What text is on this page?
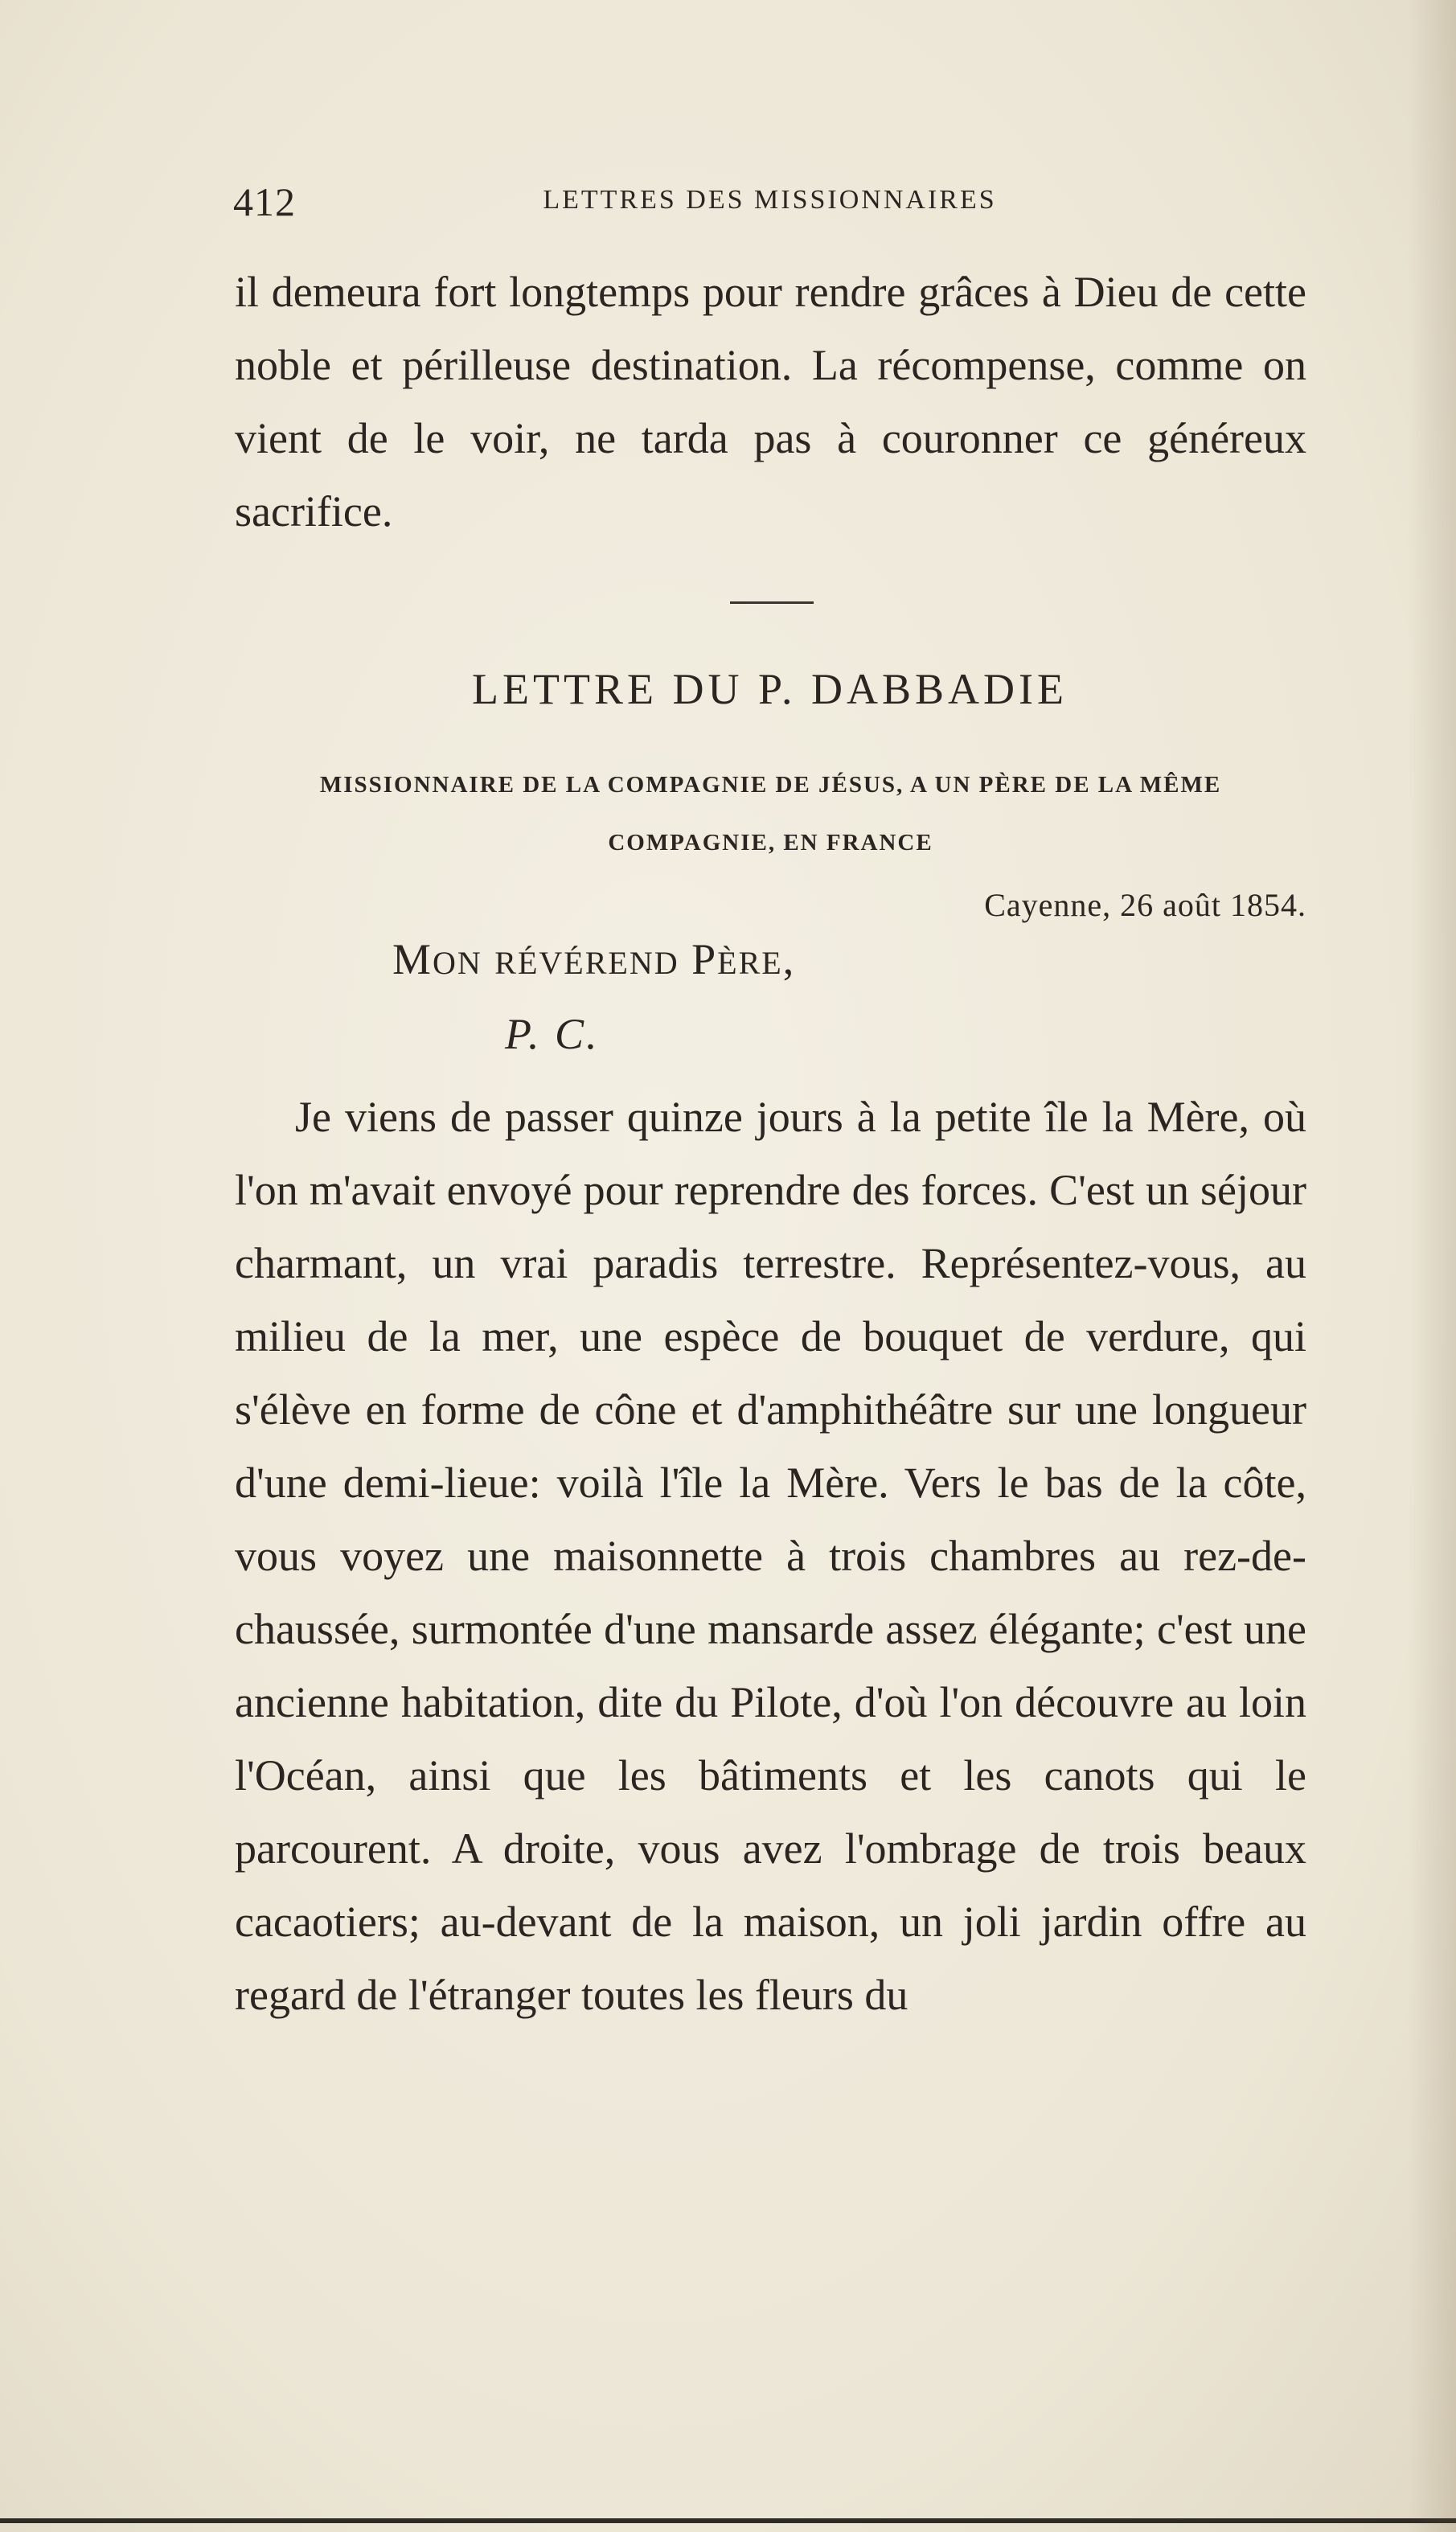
412	LETTRES DES MISSIONNAIRES

il demeura fort longtemps pour rendre grâces à Dieu de cette noble et périlleuse destination. La récompense, comme on vient de le voir, ne tarda pas à couronner ce généreux sacrifice.

LETTRE DU P. DABBADIE
MISSIONNAIRE DE LA COMPAGNIE DE JÉSUS, A UN PÈRE DE LA MÊME COMPAGNIE, EN FRANCE
Cayenne, 26 août 1854.
MON RÉVÉREND PÈRE,
P. C.

Je viens de passer quinze jours à la petite île la Mère, où l'on m'avait envoyé pour reprendre des forces. C'est un séjour charmant, un vrai paradis terrestre. Représentez-vous, au milieu de la mer, une espèce de bouquet de verdure, qui s'élève en forme de cône et d'amphithéâtre sur une longueur d'une demi-lieue: voilà l'île la Mère. Vers le bas de la côte, vous voyez une maisonnette à trois chambres au rez-de-chaussée, surmontée d'une mansarde assez élégante; c'est une ancienne habitation, dite du Pilote, d'où l'on découvre au loin l'Océan, ainsi que les bâtiments et les canots qui le parcourent. A droite, vous avez l'ombrage de trois beaux cacaotiers; au-devant de la maison, un joli jardin offre au regard de l'étranger toutes les fleurs du
